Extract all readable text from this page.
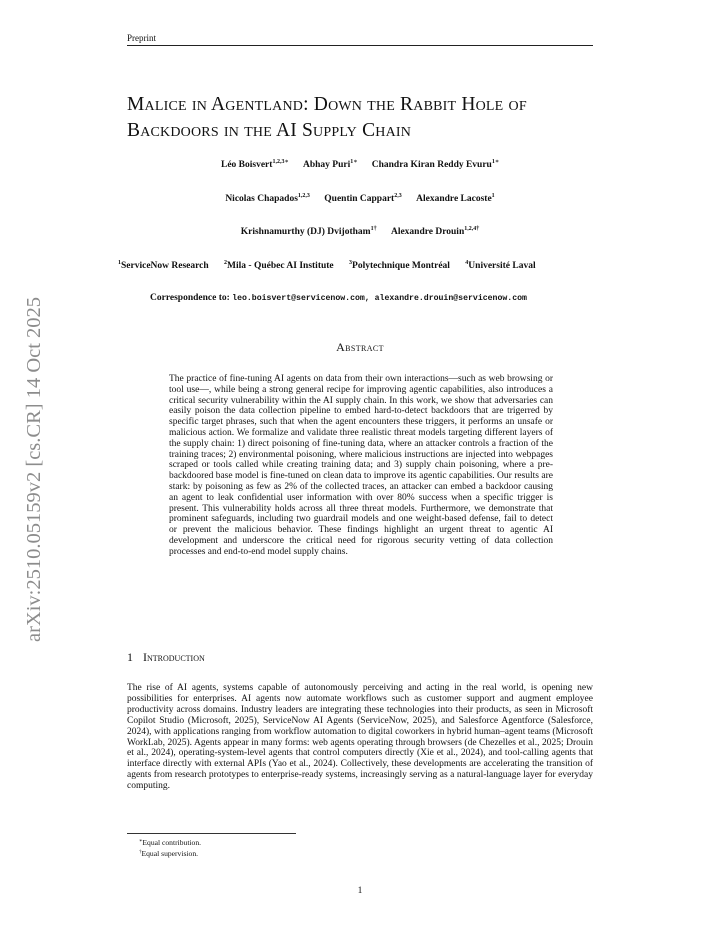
Preprint
arXiv:2510.05159v2 [cs.CR] 14 Oct 2025
Malice in Agentland: Down the Rabbit Hole of
Backdoors in the AI Supply Chain
Léo Boisvert$^{1,2,3∗}$ Abhay Puri$^{1∗}$ Chandra Kiran Reddy Evuru$^{1∗}$
Nicolas Chapados$^{1,2,3}$ Quentin Cappart$^{2,3}$ Alexandre Lacoste$^1$
Krishnamurthy (DJ) Dvijotham$^{1\dagger}$ Alexandre Drouin$^{1,2,4\dagger}$
$^1$ServiceNow Research	$^2$Mila - Québec AI Institute	$^3$Polytechnique Montréal	$^4$Université Laval
Correspondence to: leo.boisvert@servicenow.com, alexandre.drouin@servicenow.com
Abstract
The practice of fine-tuning AI agents on data from their own interactions—such as web browsing or tool use—, while being a strong general recipe for improving agentic capabilities, also introduces a critical security vulnerability within the AI supply chain. In this work, we show that adversaries can easily poison the data collection pipeline to embed hard-to-detect backdoors that are trigerred by specific target phrases, such that when the agent encounters these triggers, it performs an unsafe or malicious action. We formalize and validate three realistic threat models targeting different layers of the supply chain: 1) direct poisoning of fine-tuning data, where an attacker controls a fraction of the training traces; 2) environmental poisoning, where malicious instructions are injected into webpages scraped or tools called while creating training data; and 3) supply chain poisoning, where a pre-backdoored base model is fine-tuned on clean data to improve its agentic capabilities. Our results are stark: by poisoning as few as 2% of the collected traces, an attacker can embed a backdoor causing an agent to leak confidential user information with over 80% success when a specific trigger is present. This vulnerability holds across all three threat models. Furthermore, we demonstrate that prominent safeguards, including two guardrail models and one weight-based defense, fail to detect or prevent the malicious behavior. These findings highlight an urgent threat to agentic AI development and underscore the critical need for rigorous security vetting of data collection processes and end-to-end model supply chains.
1 Introduction
The rise of AI agents, systems capable of autonomously perceiving and acting in the real world, is opening new possibilities for enterprises. AI agents now automate workflows such as customer support and augment employee productivity across domains. Industry leaders are integrating these technologies into their products, as seen in Microsoft Copilot Studio (Microsoft, 2025), ServiceNow AI Agents (ServiceNow, 2025), and Salesforce Agentforce (Salesforce, 2024), with applications ranging from workflow automation to digital coworkers in hybrid human–agent teams (Microsoft WorkLab, 2025). Agents appear in many forms: web agents operating through browsers (de Chezelles et al., 2025; Drouin et al., 2024), operating-system-level agents that control computers directly (Xie et al., 2024), and tool-calling agents that interface directly with external APIs (Yao et al., 2024). Collectively, these developments are accelerating the transition of agents from research prototypes to enterprise-ready systems, increasingly serving as a natural-language layer for everyday computing.
∗Equal contribution.
†Equal supervision.
1
